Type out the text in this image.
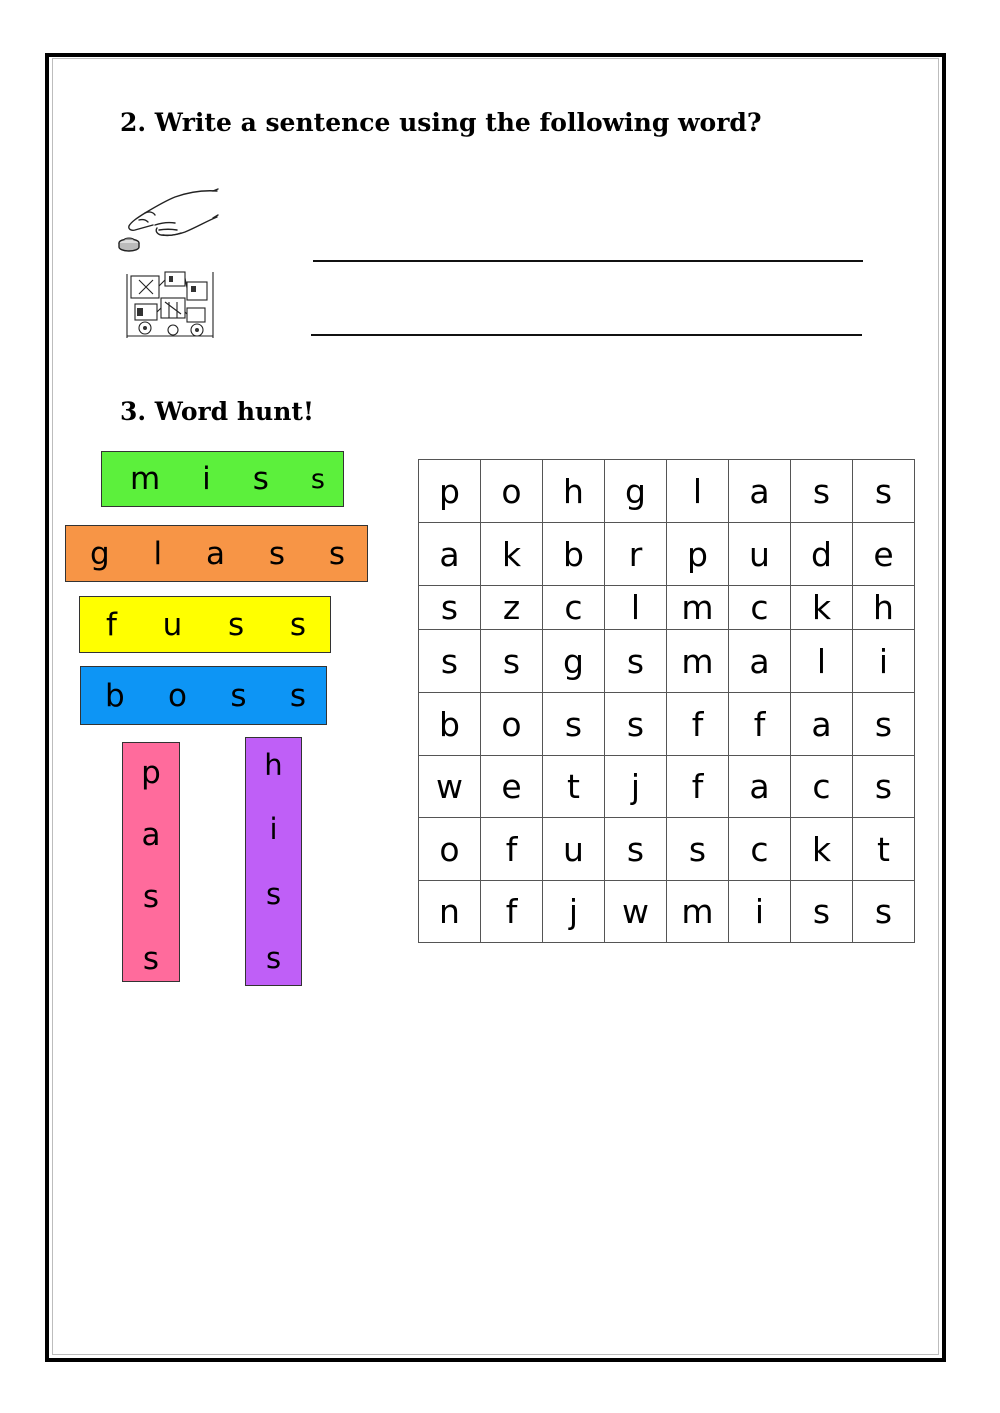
2. Write a sentence using the following word?
3. Word hunt!
m i s s
g l a s s
f u s s
b o s s
p
a
s
s
h
i
s
s
p	o	h	g	l	a	s	s
a	k	b	r	p	u	d	e
s	z	c	l	m	c	k	h
s	s	g	s	m	a	l	i
b	o	s	s	f	f	a	s
w	e	t	j	f	a	c	s
o	f	u	s	s	c	k	t
n	f	j	w	m	i	s	s
